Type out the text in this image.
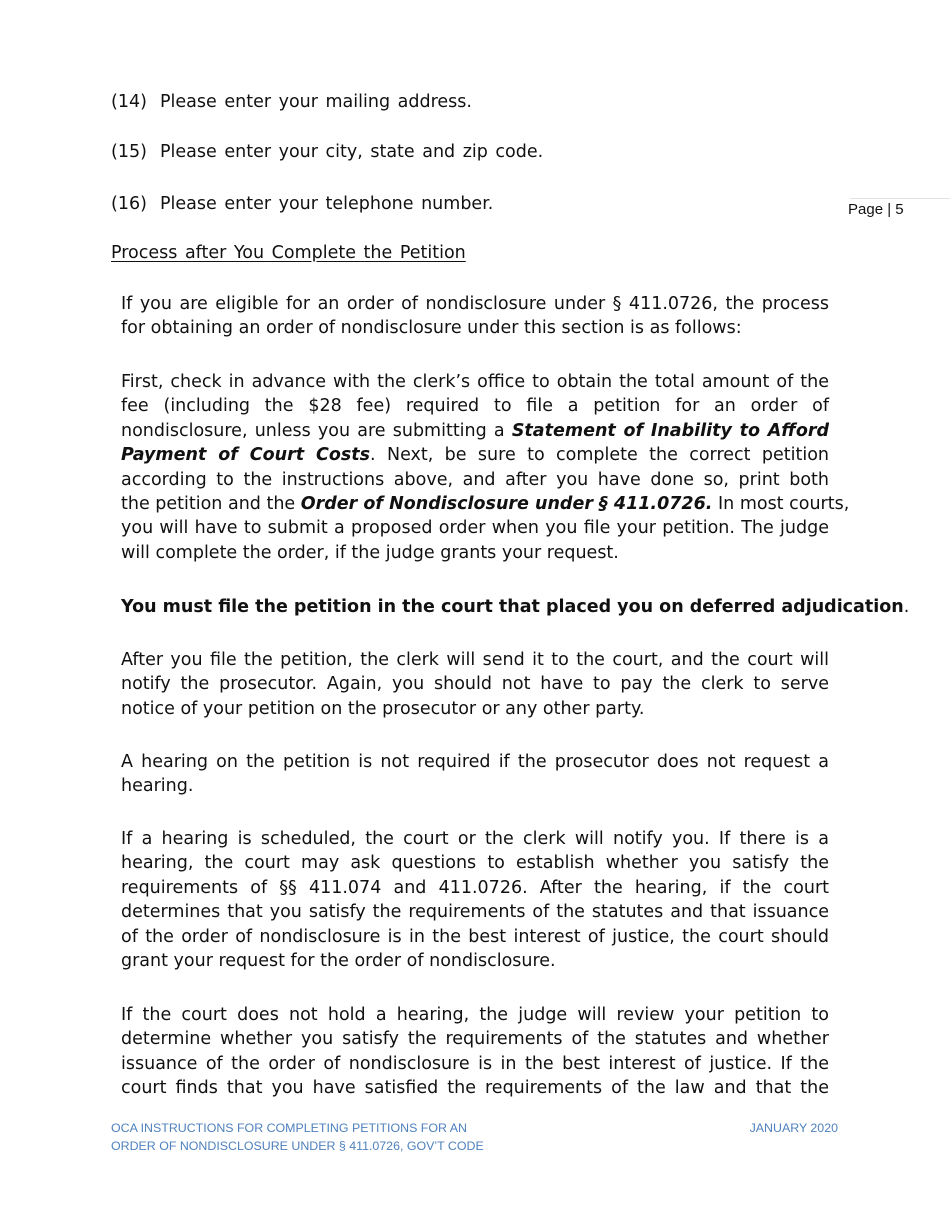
Page | 5
(14) Please enter your mailing address.
(15) Please enter your city, state and zip code.
(16) Please enter your telephone number.
Process after You Complete the Petition
If you are eligible for an order of nondisclosure under § 411.0726, the process
for obtaining an order of nondisclosure under this section is as follows:
First, check in advance with the clerk’s office to obtain the total amount of the
fee (including the $28 fee) required to file a petition for an order of
nondisclosure, unless you are submitting a Statement of Inability to Afford
Payment of Court Costs. Next, be sure to complete the correct petition
according to the instructions above, and after you have done so, print both
the petition and the Order of Nondisclosure under § 411.0726. In most courts,
you will have to submit a proposed order when you file your petition. The judge
will complete the order, if the judge grants your request.
You must file the petition in the court that placed you on deferred adjudication.
After you file the petition, the clerk will send it to the court, and the court will
notify the prosecutor. Again, you should not have to pay the clerk to serve
notice of your petition on the prosecutor or any other party.
A hearing on the petition is not required if the prosecutor does not request a
hearing.
If a hearing is scheduled, the court or the clerk will notify you. If there is a
hearing, the court may ask questions to establish whether you satisfy the
requirements of §§ 411.074 and 411.0726. After the hearing, if the court
determines that you satisfy the requirements of the statutes and that issuance
of the order of nondisclosure is in the best interest of justice, the court should
grant your request for the order of nondisclosure.
If the court does not hold a hearing, the judge will review your petition to
determine whether you satisfy the requirements of the statutes and whether
issuance of the order of nondisclosure is in the best interest of justice. If the
court finds that you have satisfied the requirements of the law and that the
OCA INSTRUCTIONS FOR COMPLETING PETITIONS FOR AN
ORDER OF NONDISCLOSURE UNDER § 411.0726, GOV’T CODE
JANUARY 2020
